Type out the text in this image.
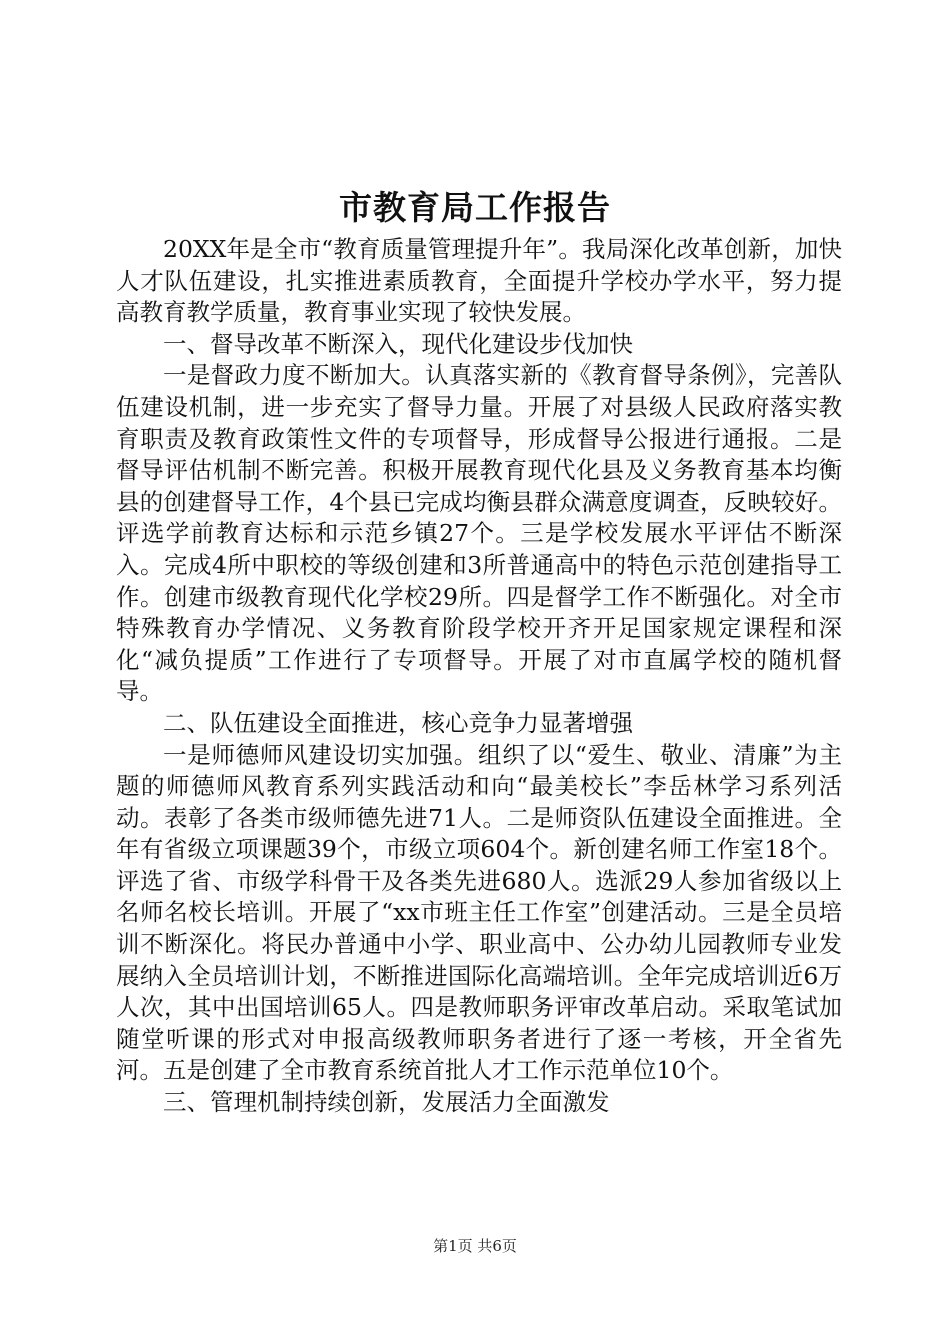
市教育局工作报告

20XX年是全市“教育质量管理提升年”。我局深化改革创新，加快人才队伍建设，扎实推进素质教育，全面提升学校办学水平，努力提高教育教学质量，教育事业实现了较快发展。

一、督导改革不断深入，现代化建设步伐加快

一是督政力度不断加大。认真落实新的《教育督导条例》，完善队伍建设机制，进一步充实了督导力量。开展了对县级人民政府落实教育职责及教育政策性文件的专项督导，形成督导公报进行通报。二是督导评估机制不断完善。积极开展教育现代化县及义务教育基本均衡县的创建督导工作，4个县已完成均衡县群众满意度调查，反映较好。评选学前教育达标和示范乡镇27个。三是学校发展水平评估不断深入。完成4所中职校的等级创建和3所普通高中的特色示范创建指导工作。创建市级教育现代化学校29所。四是督学工作不断强化。对全市特殊教育办学情况、义务教育阶段学校开齐开足国家规定课程和深化“减负提质”工作进行了专项督导。开展了对市直属学校的随机督导。

二、队伍建设全面推进，核心竞争力显著增强

一是师德师风建设切实加强。组织了以“爱生、敬业、清廉”为主题的师德师风教育系列实践活动和向“最美校长”李岳林学习系列活动。表彰了各类市级师德先进71人。二是师资队伍建设全面推进。全年有省级立项课题39个，市级立项604个。新创建名师工作室18个。评选了省、市级学科骨干及各类先进680人。选派29人参加省级以上名师名校长培训。开展了“xx市班主任工作室”创建活动。三是全员培训不断深化。将民办普通中小学、职业高中、公办幼儿园教师专业发展纳入全员培训计划，不断推进国际化高端培训。全年完成培训近6万人次，其中出国培训65人。四是教师职务评审改革启动。采取笔试加随堂听课的形式对申报高级教师职务者进行了逐一考核，开全省先河。五是创建了全市教育系统首批人才工作示范单位10个。

三、管理机制持续创新，发展活力全面激发

第1页 共6页
